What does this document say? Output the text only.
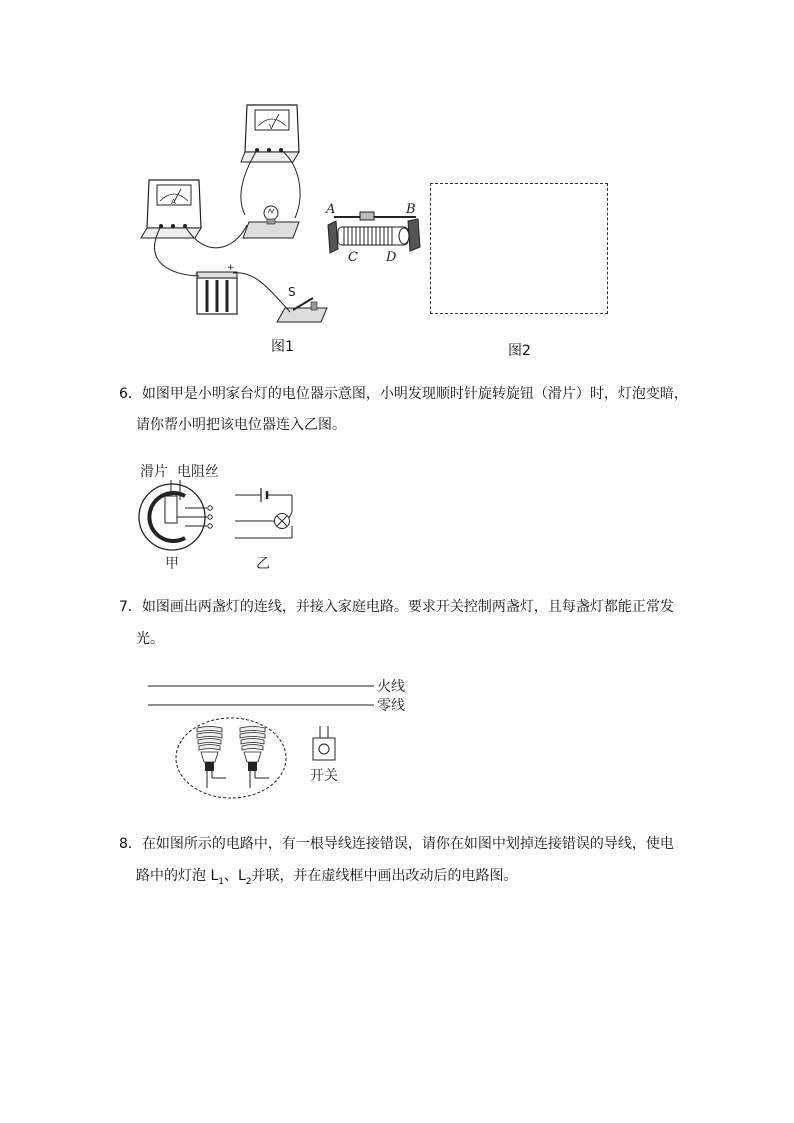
V
A
-
+
S
图1
A	B
C D
图2
6．如图甲是小明家台灯的电位器示意图，小明发现顺时针旋转旋钮（滑片）时，灯泡变暗，
请你帮小明把该电位器连入乙图。
滑片 电阻丝
甲	乙
7．如图画出两盏灯的连线，并接入家庭电路。要求开关控制两盏灯，且每盏灯都能正常发
光。
火线
零线
开关
8．在如图所示的电路中，有一根导线连接错误，请你在如图中划掉连接错误的导线，使电
路中的灯泡 $L_1$、$L_2$并联，并在虚线框中画出改动后的电路图。
